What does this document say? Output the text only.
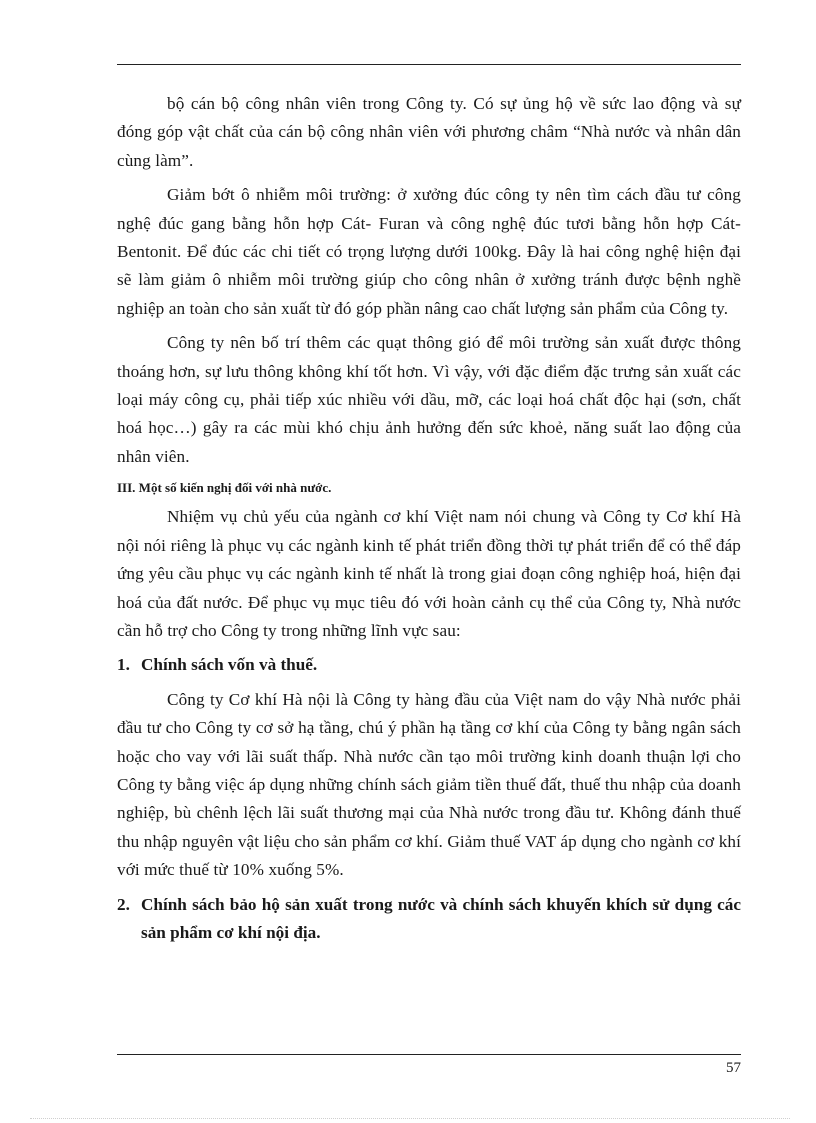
bộ cán bộ công nhân viên trong Công ty. Có sự ủng hộ về sức lao động và sự đóng góp vật chất của cán bộ công nhân viên với phương châm “Nhà nước và nhân dân cùng làm”.

Giảm bớt ô nhiễm môi trường: ở xưởng đúc công ty nên tìm cách đầu tư công nghệ đúc gang bằng hỗn hợp Cát- Furan và công nghệ đúc tươi bằng hỗn hợp Cát- Bentonit. Để đúc các chi tiết có trọng lượng dưới 100kg. Đây là hai công nghệ hiện đại sẽ làm giảm ô nhiễm môi trường giúp cho công nhân ở xưởng tránh được bệnh nghề nghiệp an toàn cho sản xuất từ đó góp phần nâng cao chất lượng sản phẩm của Công ty.

Công ty nên bố trí thêm các quạt thông gió để môi trường sản xuất được thông thoáng hơn, sự lưu thông không khí tốt hơn. Vì vậy, với đặc điểm đặc trưng sản xuất các loại máy công cụ, phải tiếp xúc nhiều với dầu, mỡ, các loại hoá chất độc hại (sơn, chất hoá học…) gây ra các mùi khó chịu ảnh hưởng đến sức khoẻ, năng suất lao động của nhân viên.

III. Một số kiến nghị đối với nhà nước.

Nhiệm vụ chủ yếu của ngành cơ khí Việt nam nói chung và Công ty Cơ khí Hà nội nói riêng là phục vụ các ngành kinh tế phát triển đồng thời tự phát triển để có thể đáp ứng yêu cầu phục vụ các ngành kinh tế nhất là trong giai đoạn công nghiệp hoá, hiện đại hoá của đất nước. Để phục vụ mục tiêu đó với hoàn cảnh cụ thể của Công ty, Nhà nước cần hỗ trợ cho Công ty trong những lĩnh vực sau:

1. Chính sách vốn và thuế.

Công ty Cơ khí Hà nội là Công ty hàng đầu của Việt nam do vậy Nhà nước phải đầu tư cho Công ty cơ sở hạ tầng, chú ý phần hạ tầng cơ khí của Công ty bằng ngân sách hoặc cho vay với lãi suất thấp. Nhà nước cần tạo môi trường kinh doanh thuận lợi cho Công ty bằng việc áp dụng những chính sách giảm tiền thuế đất, thuế thu nhập của doanh nghiệp, bù chênh lệch lãi suất thương mại của Nhà nước trong đầu tư. Không đánh thuế thu nhập nguyên vật liệu cho sản phẩm cơ khí. Giảm thuế VAT áp dụng cho ngành cơ khí với mức thuế từ 10% xuống 5%.

2. Chính sách bảo hộ sản xuất trong nước và chính sách khuyến khích sử dụng các sản phẩm cơ khí nội địa.
57
